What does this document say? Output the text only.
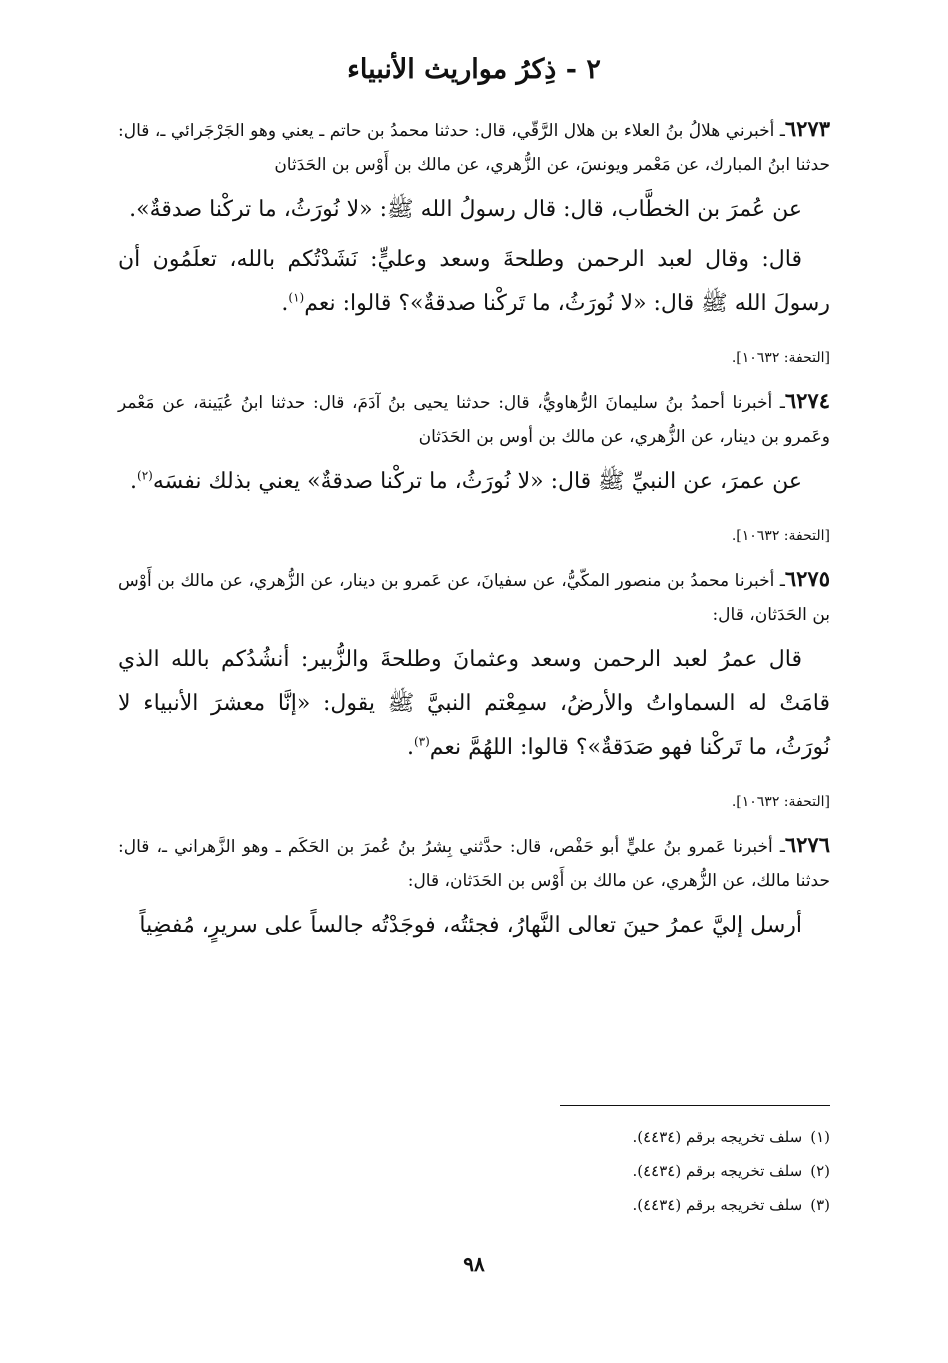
٢ - ذِكرُ مواريث الأنبياء

٦٢٧٣ـ أخبرني هلالُ بنُ العلاء بن هلال الرَّقّي، قال: حدثنا محمدُ بن حاتم ـ يعني وهو الجَرْجَرائي ـ، قال: حدثنا ابنُ المبارك، عن مَعْمر ويونسَ، عن الزُّهري، عن مالك بن أَوْس بن الحَدَثان

عن عُمرَ بن الخطَّاب، قال: قال رسولُ الله ﷺ: «لا نُورَثُ، ما تركْنا صدقةٌ».

قال: وقال لعبد الرحمن وطلحةَ وسعد وعليٍّ: نَشَدْتُكم بالله، تعلَمُون أن رسولَ الله ﷺ قال: «لا نُورَثُ، ما تَركْنا صدقةٌ»؟ قالوا: نعم$^{(١)}$.

[التحفة: ١٠٦٣٢].

٦٢٧٤ـ أخبرنا أحمدُ بنُ سليمانَ الرُّهاويُّ، قال: حدثنا يحيى بنُ آدَمَ، قال: حدثنا ابنُ عُيَينة، عن مَعْمر وعَمرو بن دينار، عن الزُّهري، عن مالك بن أوس بن الحَدَثان

عن عمرَ، عن النبيِّ ﷺ قال: «لا نُورَثُ، ما تركْنا صدقةٌ» يعني بذلك نفسَه$^{(٢)}$.

[التحفة: ١٠٦٣٢].

٦٢٧٥ـ أخبرنا محمدُ بن منصور المكّيُّ، عن سفيانَ، عن عَمرو بن دينار، عن الزُّهري، عن مالك بن أَوْس بن الحَدَثان، قال:

قال عمرُ لعبد الرحمن وسعد وعثمانَ وطلحةَ والزُّبير: أنشُدُكم بالله الذي قامَتْ له السماواتُ والأرضُ، سمِعْتم النبيَّ ﷺ يقول: «إنَّا معشرَ الأنبياء لا نُورَثُ، ما تَركْنا فهو صَدَقةٌ»؟ قالوا: اللهُمَّ نعم$^{(٣)}$.

[التحفة: ١٠٦٣٢].

٦٢٧٦ـ أخبرنا عَمرو بنُ عليٍّ أبو حَفْص، قال: حدَّثني بِشرُ بنُ عُمرَ بن الحَكَم ـ وهو الزَّهراني ـ، قال: حدثنا مالك، عن الزُّهري، عن مالك بن أَوْس بن الحَدَثان، قال:

أرسل إليَّ عمرُ حينَ تعالى النَّهارُ، فجئتُه، فوجَدْتُه جالساً على سريرٍ، مُفضِياً

(١)سلف تخريجه برقم (٤٤٣٤).
(٢)سلف تخريجه برقم (٤٤٣٤).
(٣)سلف تخريجه برقم (٤٤٣٤).
٩٨
